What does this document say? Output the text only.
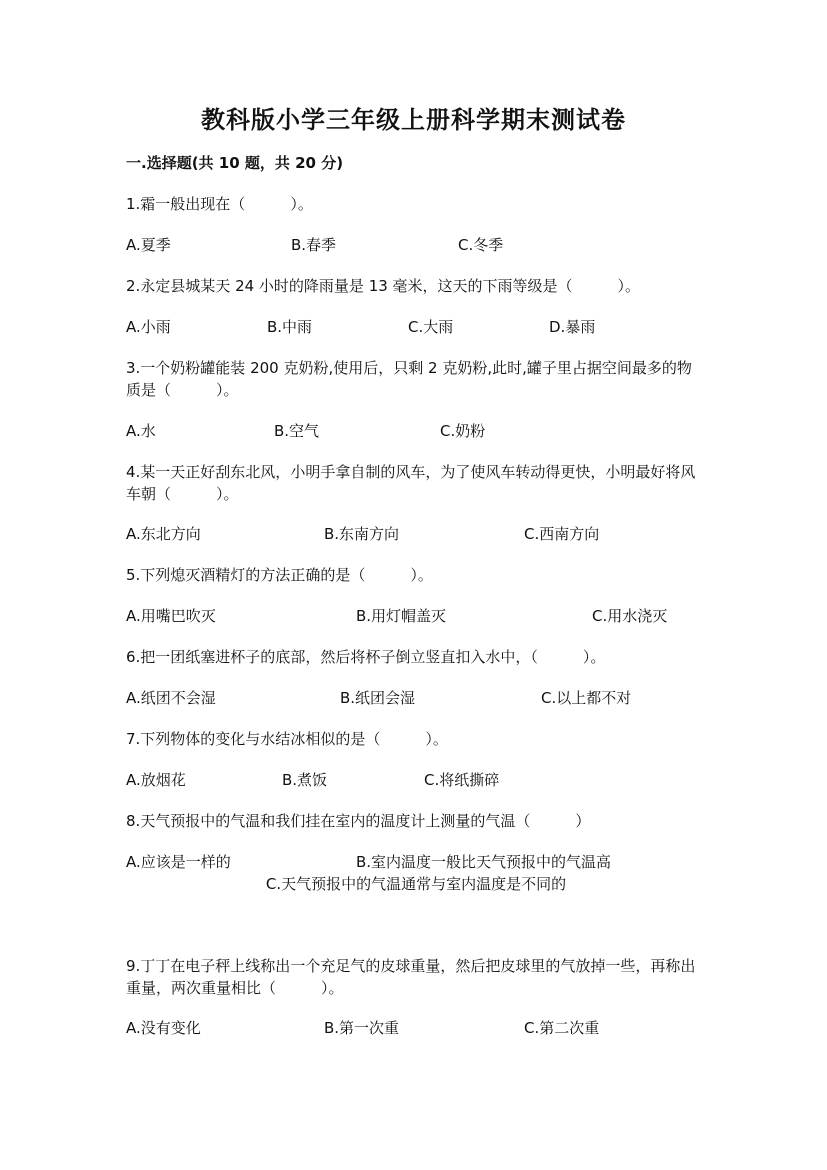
教科版小学三年级上册科学期末测试卷
一.选择题(共 10 题，共 20 分)
1.霜一般出现在（　　　）。
A.夏季	B.春季	C.冬季
2.永定县城某天 24 小时的降雨量是 13 毫米，这天的下雨等级是（　　　）。
A.小雨	B.中雨	C.大雨	D.暴雨
3.一个奶粉罐能装 200 克奶粉,使用后，只剩 2 克奶粉,此时,罐子里占据空间最多的物质是（　　　）。
A.水	B.空气	C.奶粉
4.某一天正好刮东北风，小明手拿自制的风车，为了使风车转动得更快，小明最好将风车朝（　　　）。
A.东北方向	B.东南方向	C.西南方向
5.下列熄灭酒精灯的方法正确的是（　　　）。
A.用嘴巴吹灭	B.用灯帽盖灭	C.用水浇灭
6.把一团纸塞进杯子的底部，然后将杯子倒立竖直扣入水中，（　　　）。
A.纸团不会湿	B.纸团会湿	C.以上都不对
7.下列物体的变化与水结冰相似的是（　　　）。
A.放烟花	B.煮饭	C.将纸撕碎
8.天气预报中的气温和我们挂在室内的温度计上测量的气温（　　　）
A.应该是一样的	B.室内温度一般比天气预报中的气温高
C.天气预报中的气温通常与室内温度是不同的
9.丁丁在电子秤上线称出一个充足气的皮球重量，然后把皮球里的气放掉一些，再称出重量，两次重量相比（　　　）。
A.没有变化	B.第一次重	C.第二次重
